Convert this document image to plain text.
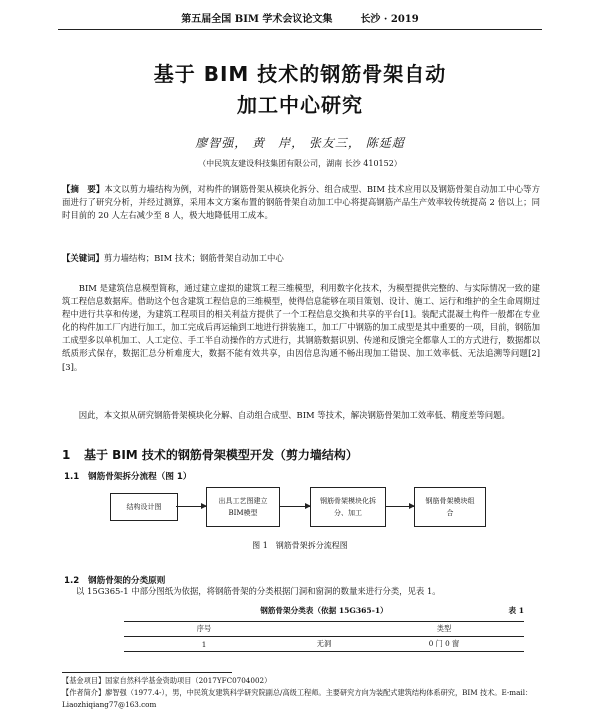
第五届全国 BIM 学术会议论文集	长沙 · 2019
基于 BIM 技术的钢筋骨架自动
加工中心研究
廖智强， 黄　岸， 张友三， 陈延超
（中民筑友建设科技集团有限公司，湖南 长沙 410152）

【摘　要】本文以剪力墙结构为例，对构件的钢筋骨架从模块化拆分、组合成型、BIM 技术应用以及钢筋骨架自动加工中心等方面进行了研究分析，并经过测算，采用本文方案布置的钢筋骨架自动加工中心将提高钢筋产品生产效率较传统提高 2 倍以上；同时目前的 20 人左右减少至 8 人，极大地降低用工成本。

【关键词】剪力墙结构；BIM 技术；钢筋骨架自动加工中心

BIM 是建筑信息模型简称，通过建立虚拟的建筑工程三维模型，利用数字化技术，为模型提供完整的、与实际情况一致的建筑工程信息数据库。借助这个包含建筑工程信息的三维模型，使得信息能够在项目策划、设计、施工、运行和维护的全生命周期过程中进行共享和传递，为建筑工程项目的相关利益方提供了一个工程信息交换和共享的平台[1]。装配式混凝土构件一般都在专业化的构件加工厂内进行加工，加工完成后再运输到工地进行拼装施工，加工厂中钢筋的加工成型是其中重要的一项，目前，钢筋加工成型多以单机加工、人工定位、手工半自动操作的方式进行，其钢筋数据识别、传递和反馈完全都靠人工的方式进行，数据都以纸质形式保存，数据汇总分析难度大，数据不能有效共享，由因信息沟通不畅出现加工错误、加工效率低、无法追溯等问题[2][3]。

因此，本文拟从研究钢筋骨架模块化分解、自动组合成型、BIM 等技术，解决钢筋骨架加工效率低、精度差等问题。

1 基于 BIM 技术的钢筋骨架模型开发（剪力墙结构）
1.1 钢筋骨架拆分流程（图 1）
结构设计图
出具工艺图建立BIM模型
钢筋骨架模块化拆分、加工
钢筋骨架模块组合
图 1　钢筋骨架拆分流程图
1.2 钢筋骨架的分类原则

以 15G365-1 中部分图纸为依据，将钢筋骨架的分类根据门洞和窗洞的数量来进行分类，见表 1。

钢筋骨架分类表（依据 15G365-1）	表 1
序号		类型
1	无洞	0 门 0 窗
【基金项目】国家自然科学基金资助项目（2017YFC0704002）
【作者简介】廖智强（1977.4-），男，中民筑友建筑科学研究院副总/高级工程师。主要研究方向为装配式建筑结构体系研究，BIM 技术。E-mail：Liaozhiqiang77@163.com
